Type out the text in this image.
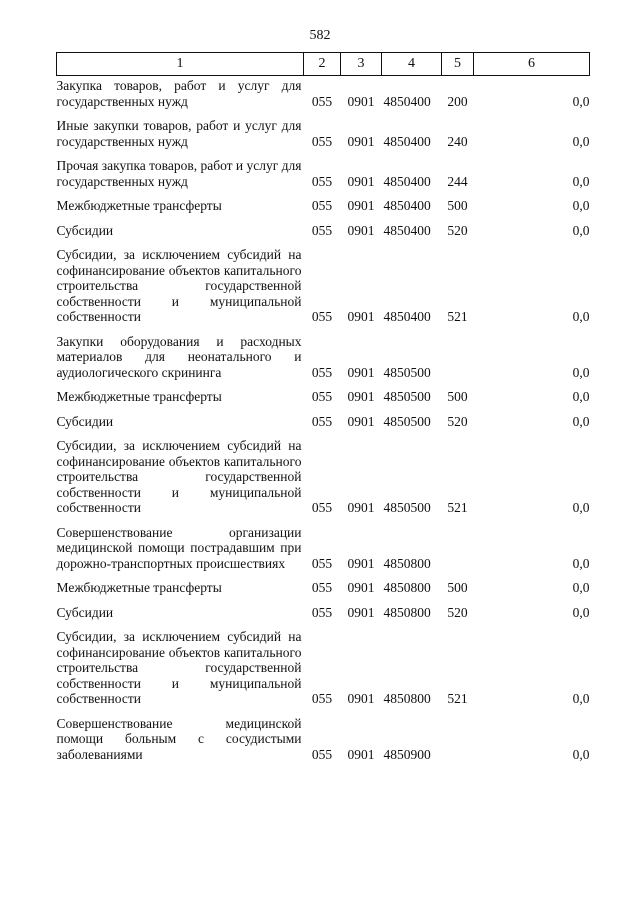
582
1	2	3	4	5	6
Закупка товаров, работ и услуг для государственных нужд	055	0901	4850400	200	0,0
Иные закупки товаров, работ и услуг для государственных нужд	055	0901	4850400	240	0,0
Прочая закупка товаров, работ и услуг для государственных нужд	055	0901	4850400	244	0,0
Межбюджетные трансферты	055	0901	4850400	500	0,0
Субсидии	055	0901	4850400	520	0,0
Субсидии, за исключением субсидий на софинансирование объектов капитального строительства государственной собственности и муниципальной собственности	055	0901	4850400	521	0,0
Закупки оборудования и расходных материалов для неонатального и аудиологического скрининга	055	0901	4850500		0,0
Межбюджетные трансферты	055	0901	4850500	500	0,0
Субсидии	055	0901	4850500	520	0,0
Субсидии, за исключением субсидий на софинансирование объектов капитального строительства государственной собственности и муниципальной собственности	055	0901	4850500	521	0,0
Совершенствование организации медицинской помощи пострадавшим при дорожно-транспортных происшествиях	055	0901	4850800		0,0
Межбюджетные трансферты	055	0901	4850800	500	0,0
Субсидии	055	0901	4850800	520	0,0
Субсидии, за исключением субсидий на софинансирование объектов капитального строительства государственной собственности и муниципальной собственности	055	0901	4850800	521	0,0
Совершенствование медицинской помощи больным с сосудистыми заболеваниями	055	0901	4850900		0,0
